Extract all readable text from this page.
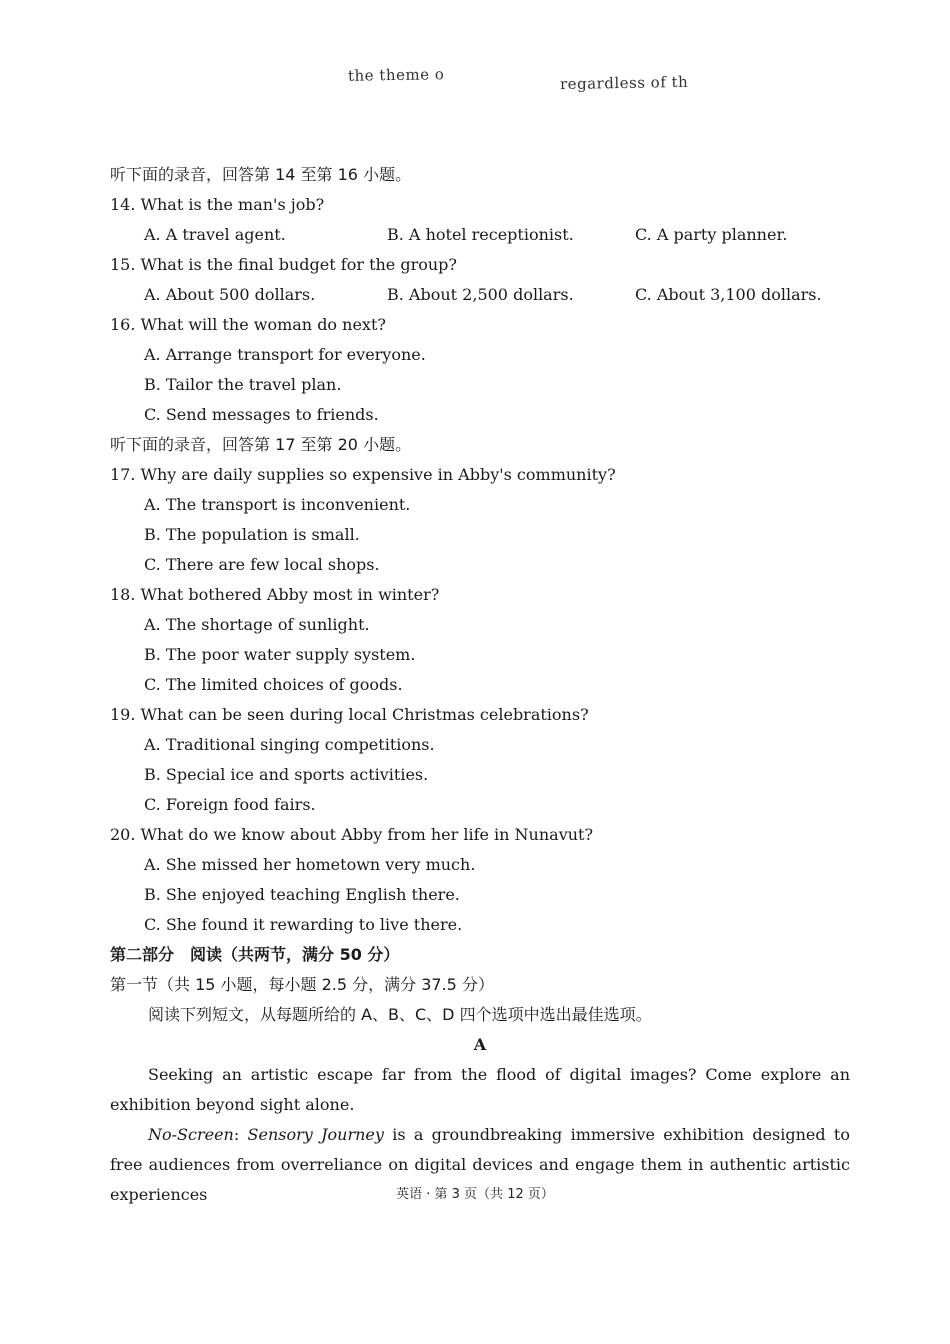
the theme o	regardless of th
听下面的录音，回答第 14 至第 16 小题。
14. What is the man's job?
A. A travel agent.	B. A hotel receptionist.	C. A party planner.
15. What is the final budget for the group?
A. About 500 dollars.	B. About 2,500 dollars.	C. About 3,100 dollars.
16. What will the woman do next?
A. Arrange transport for everyone.
B. Tailor the travel plan.
C. Send messages to friends.
听下面的录音，回答第 17 至第 20 小题。
17. Why are daily supplies so expensive in Abby's community?
A. The transport is inconvenient.
B. The population is small.
C. There are few local shops.
18. What bothered Abby most in winter?
A. The shortage of sunlight.
B. The poor water supply system.
C. The limited choices of goods.
19. What can be seen during local Christmas celebrations?
A. Traditional singing competitions.
B. Special ice and sports activities.
C. Foreign food fairs.
20. What do we know about Abby from her life in Nunavut?
A. She missed her hometown very much.
B. She enjoyed teaching English there.
C. She found it rewarding to live there.
第二部分　阅读（共两节，满分 50 分）
第一节（共 15 小题，每小题 2.5 分，满分 37.5 分）
阅读下列短文，从每题所给的 A、B、C、D 四个选项中选出最佳选项。
A
Seeking an artistic escape far from the flood of digital images? Come explore an exhibition beyond sight alone.
No-Screen: Sensory Journey is a groundbreaking immersive exhibition designed to free audiences from overreliance on digital devices and engage them in authentic artistic experiences	英语 · 第 3 页（共 12 页）
